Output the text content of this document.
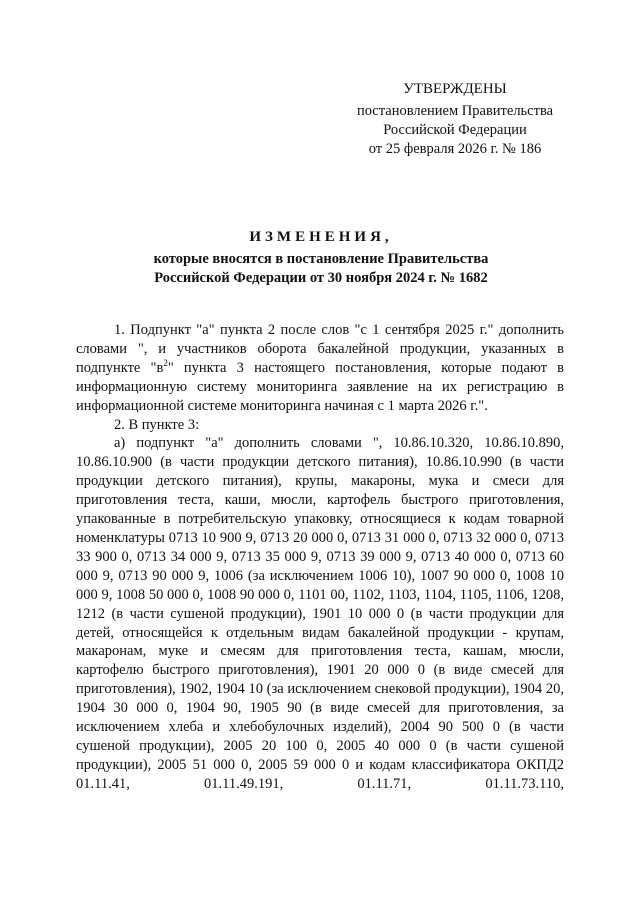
УТВЕРЖДЕНЫ
постановлением Правительства
Российской Федерации
от 25 февраля 2026 г. № 186
ИЗМЕНЕНИЯ,
которые вносятся в постановление Правительства
Российской Федерации от 30 ноября 2024 г. № 1682

1. Подпункт "а" пункта 2 после слов "с 1 сентября 2025 г." дополнить словами ", и участников оборота бакалейной продукции, указанных в подпункте "$в^2$" пункта 3 настоящего постановления, которые подают в информационную систему мониторинга заявление на их регистрацию в информационной системе мониторинга начиная с 1 марта 2026 г.".

2. В пункте 3:

а) подпункт "а" дополнить словами ", 10.86.10.320, 10.86.10.890, 10.86.10.900 (в части продукции детского питания), 10.86.10.990 (в части продукции детского питания), крупы, макароны, мука и смеси для приготовления теста, каши, мюсли, картофель быстрого приготовления, упакованные в потребительскую упаковку, относящиеся к кодам товарной номенклатуры 0713 10 900 9, 0713 20 000 0, 0713 31 000 0, 0713 32 000 0, 0713 33 900 0, 0713 34 000 9, 0713 35 000 9, 0713 39 000 9, 0713 40 000 0, 0713 60 000 9, 0713 90 000 9, 1006 (за исключением 1006 10), 1007 90 000 0, 1008 10 000 9, 1008 50 000 0, 1008 90 000 0, 1101 00, 1102, 1103, 1104, 1105, 1106, 1208, 1212 (в части сушеной продукции), 1901 10 000 0 (в части продукции для детей, относящейся к отдельным видам бакалейной продукции - крупам, макаронам, муке и смесям для приготовления теста, кашам, мюсли, картофелю быстрого приготовления), 1901 20 000 0 (в виде смесей для приготовления), 1902, 1904 10 (за исключением снековой продукции), 1904 20, 1904 30 000 0, 1904 90, 1905 90 (в виде смесей для приготовления, за исключением хлеба и хлебобулочных изделий), 2004 90 500 0 (в части сушеной продукции), 2005 20 100 0, 2005 40 000 0 (в части сушеной продукции), 2005 51 000 0, 2005 59 000 0 и кодам классификатора ОКПД2 01.11.41, 01.11.49.191, 01.11.71, 01.11.73.110,
